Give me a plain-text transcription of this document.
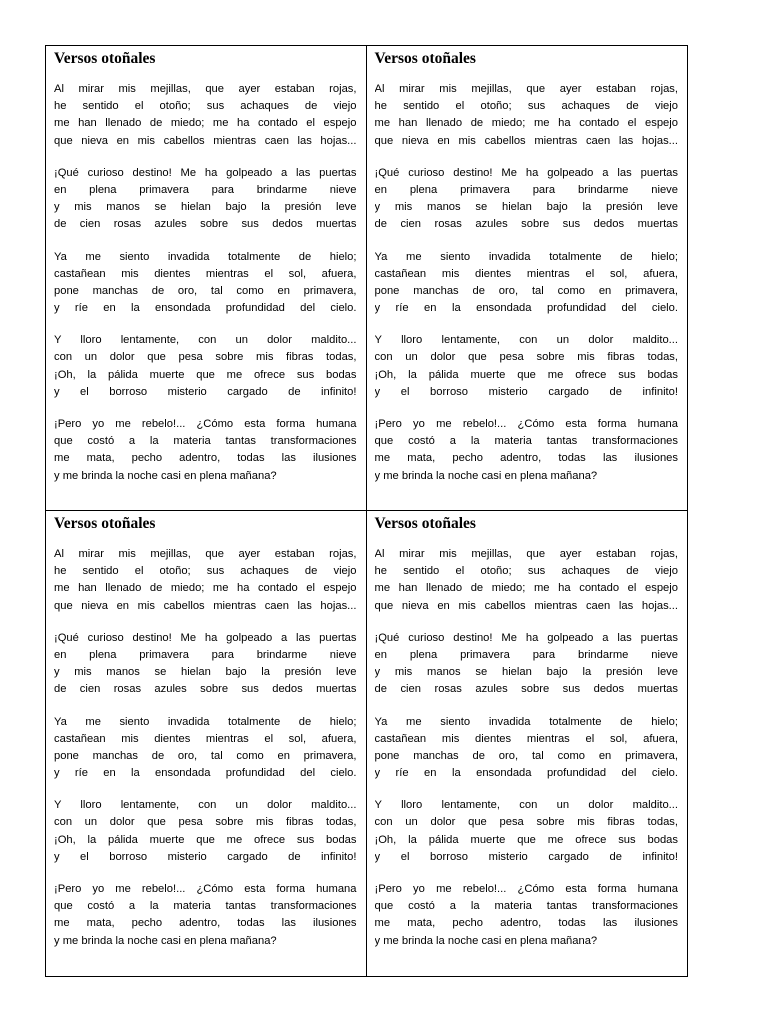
Versos otoñales
Al mirar mis mejillas, que ayer estaban rojas,
he sentido el otoño; sus achaques de viejo
me han llenado de miedo; me ha contado el espejo
que nieva en mis cabellos mientras caen las hojas...
¡Qué curioso destino! Me ha golpeado a las puertas
en plena primavera para brindarme nieve
y mis manos se hielan bajo la presión leve
de cien rosas azules sobre sus dedos muertas
Ya me siento invadida totalmente de hielo;
castañean mis dientes mientras el sol, afuera,
pone manchas de oro, tal como en primavera,
y ríe en la ensondada profundidad del cielo.
Y lloro lentamente, con un dolor maldito...
con un dolor que pesa sobre mis fibras todas,
¡Oh, la pálida muerte que me ofrece sus bodas
y el borroso misterio cargado de infinito!
¡Pero yo me rebelo!... ¿Cómo esta forma humana
que costó a la materia tantas transformaciones
me mata, pecho adentro, todas las ilusiones
y me brinda la noche casi en plena mañana?
Versos otoñales
Al mirar mis mejillas, que ayer estaban rojas,
he sentido el otoño; sus achaques de viejo
me han llenado de miedo; me ha contado el espejo
que nieva en mis cabellos mientras caen las hojas...
¡Qué curioso destino! Me ha golpeado a las puertas
en plena primavera para brindarme nieve
y mis manos se hielan bajo la presión leve
de cien rosas azules sobre sus dedos muertas
Ya me siento invadida totalmente de hielo;
castañean mis dientes mientras el sol, afuera,
pone manchas de oro, tal como en primavera,
y ríe en la ensondada profundidad del cielo.
Y lloro lentamente, con un dolor maldito...
con un dolor que pesa sobre mis fibras todas,
¡Oh, la pálida muerte que me ofrece sus bodas
y el borroso misterio cargado de infinito!
¡Pero yo me rebelo!... ¿Cómo esta forma humana
que costó a la materia tantas transformaciones
me mata, pecho adentro, todas las ilusiones
y me brinda la noche casi en plena mañana?
Versos otoñales
Al mirar mis mejillas, que ayer estaban rojas,
he sentido el otoño; sus achaques de viejo
me han llenado de miedo; me ha contado el espejo
que nieva en mis cabellos mientras caen las hojas...
¡Qué curioso destino! Me ha golpeado a las puertas
en plena primavera para brindarme nieve
y mis manos se hielan bajo la presión leve
de cien rosas azules sobre sus dedos muertas
Ya me siento invadida totalmente de hielo;
castañean mis dientes mientras el sol, afuera,
pone manchas de oro, tal como en primavera,
y ríe en la ensondada profundidad del cielo.
Y lloro lentamente, con un dolor maldito...
con un dolor que pesa sobre mis fibras todas,
¡Oh, la pálida muerte que me ofrece sus bodas
y el borroso misterio cargado de infinito!
¡Pero yo me rebelo!... ¿Cómo esta forma humana
que costó a la materia tantas transformaciones
me mata, pecho adentro, todas las ilusiones
y me brinda la noche casi en plena mañana?
Versos otoñales
Al mirar mis mejillas, que ayer estaban rojas,
he sentido el otoño; sus achaques de viejo
me han llenado de miedo; me ha contado el espejo
que nieva en mis cabellos mientras caen las hojas...
¡Qué curioso destino! Me ha golpeado a las puertas
en plena primavera para brindarme nieve
y mis manos se hielan bajo la presión leve
de cien rosas azules sobre sus dedos muertas
Ya me siento invadida totalmente de hielo;
castañean mis dientes mientras el sol, afuera,
pone manchas de oro, tal como en primavera,
y ríe en la ensondada profundidad del cielo.
Y lloro lentamente, con un dolor maldito...
con un dolor que pesa sobre mis fibras todas,
¡Oh, la pálida muerte que me ofrece sus bodas
y el borroso misterio cargado de infinito!
¡Pero yo me rebelo!... ¿Cómo esta forma humana
que costó a la materia tantas transformaciones
me mata, pecho adentro, todas las ilusiones
y me brinda la noche casi en plena mañana?
